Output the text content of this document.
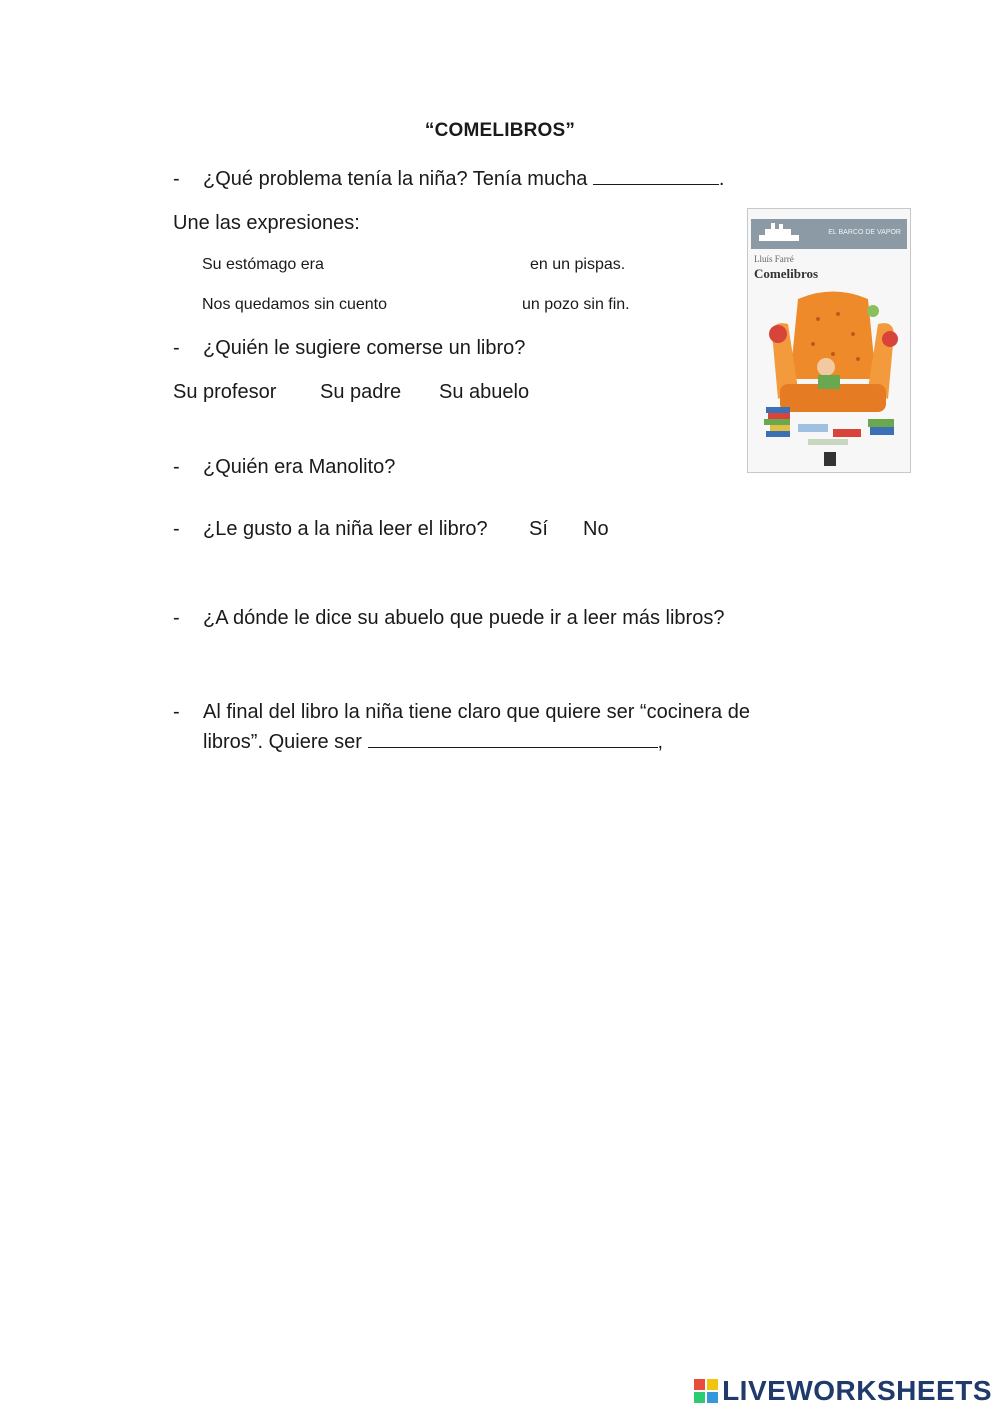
“COMELIBROS”
- ¿Qué problema tenía la niña? Tenía mucha	.
Une las expresiones:
Su estómago era	en un pispas.
Nos quedamos sin cuento	un pozo sin fin.
- ¿Quién le sugiere comerse un libro?
Su profesor Su padre Su abuelo
- ¿Quién era Manolito?
- ¿Le gusto a la niña leer el libro? Sí No
- ¿A dónde le dice su abuelo que puede ir a leer más libros?
- Al final del libro la niña tiene claro que quiere ser “cocinera de
libros”. Quiere ser	,
EL BARCO DE VAPOR
Lluís Farré
Comelibros
LIVEWORKSHEETS
